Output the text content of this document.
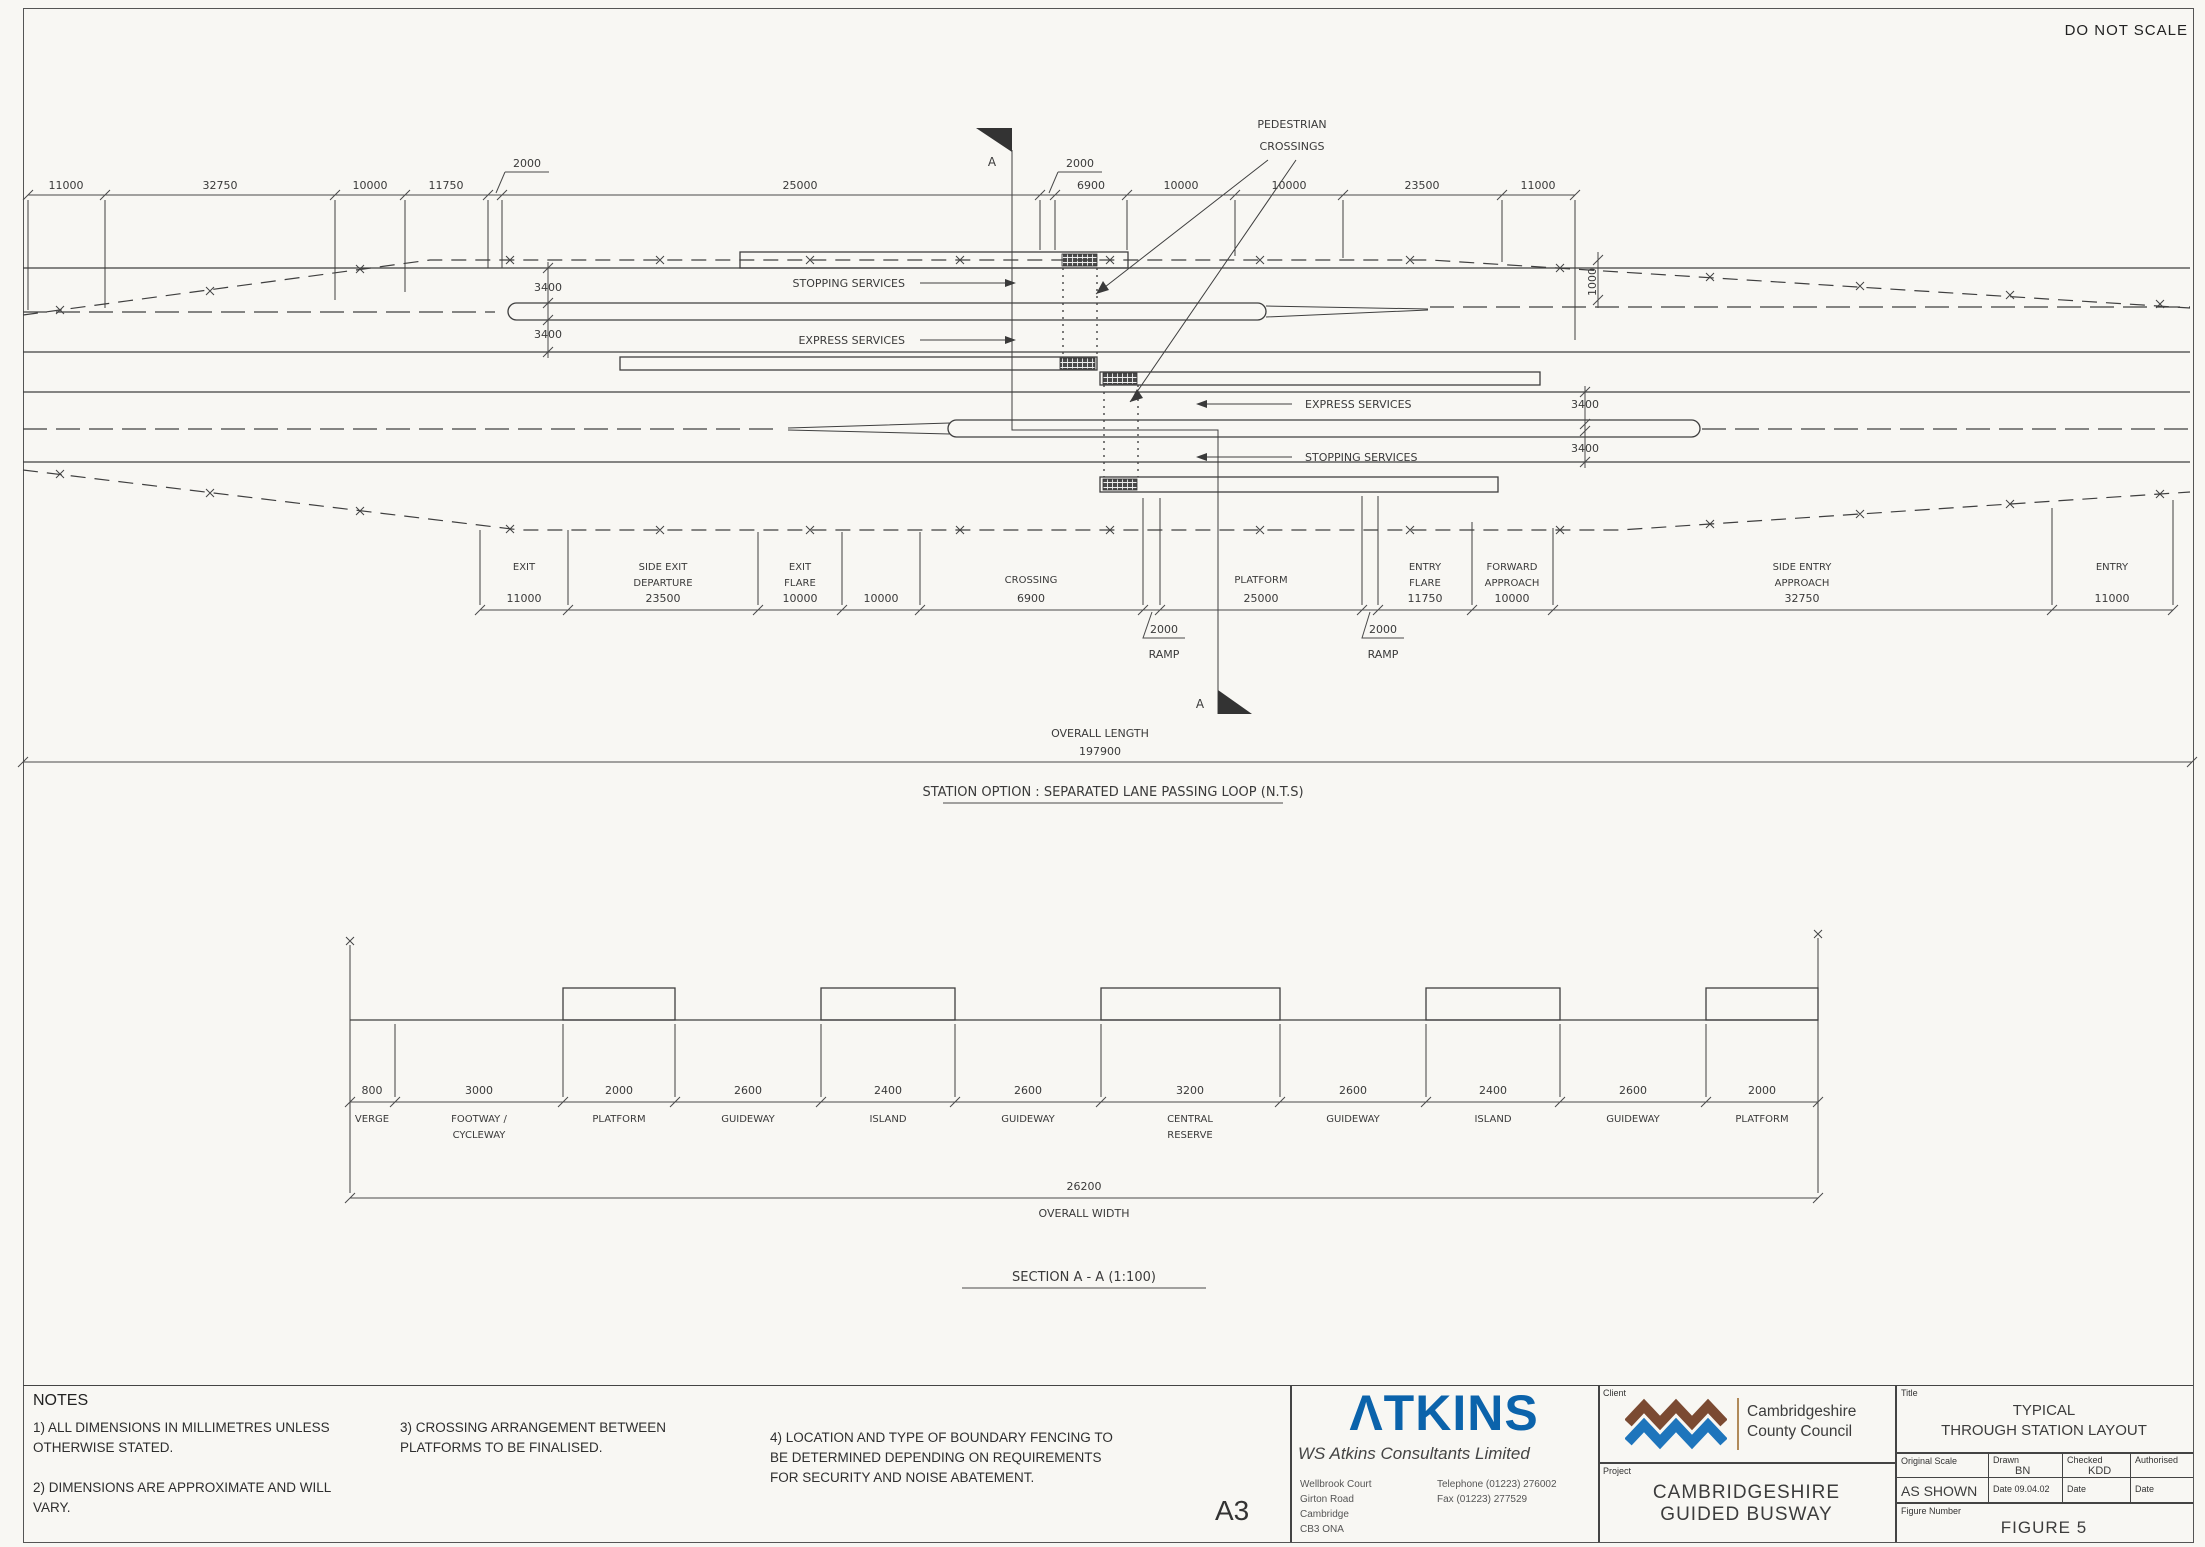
DO NOT SCALE
A
A
STOPPING SERVICES
EXPRESS SERVICES
EXPRESS SERVICES
STOPPING SERVICES
PEDESTRIAN
CROSSINGS
3400
3400
3400
3400
1000
11000	32750	10000	11750
2000
25000
2000
6900	10000	10000	23500	11000
EXIT
11000
SIDE EXIT
DEPARTURE
23500
EXIT
FLARE
10000	10000
CROSSING
6900
PLATFORM
25000
ENTRY
FLARE
11750
FORWARD
APPROACH
10000
SIDE ENTRY
APPROACH
32750
ENTRY
11000
2000
RAMP
2000
RAMP
OVERALL LENGTH
197900
STATION OPTION : SEPARATED LANE PASSING LOOP (N.T.S)
800	3000	2000	2600	2400	2600	3200	2600	2400	2600	2000
VERGE	FOOTWAY /
CYCLEWAY
PLATFORM	GUIDEWAY	ISLAND	GUIDEWAY	CENTRAL
RESERVE
GUIDEWAY	ISLAND	GUIDEWAY	PLATFORM
26200
OVERALL WIDTH
SECTION A - A (1:100)
NOTES
1) ALL DIMENSIONS IN MILLIMETRES UNLESS
OTHERWISE STATED.
2) DIMENSIONS ARE APPROXIMATE AND WILL
VARY.
3) CROSSING ARRANGEMENT BETWEEN
PLATFORMS TO BE FINALISED.
4) LOCATION AND TYPE OF BOUNDARY FENCING TO
BE DETERMINED DEPENDING ON REQUIREMENTS
FOR SECURITY AND NOISE ABATEMENT.
A3
ΛTKINS
WS Atkins Consultants Limited
Wellbrook Court
Girton Road
Cambridge
CB3 ONA
Telephone (01223) 276002
Fax (01223) 277529
Client
Cambridgeshire
County Council
Project
CAMBRIDGESHIRE
GUIDED BUSWAY
Title
TYPICAL
THROUGH STATION LAYOUT
Original Scale
AS SHOWN
Drawn
BN
Date 09.04.02
Checked
KDD
Date
Authorised
Date
Figure Number
FIGURE 5
